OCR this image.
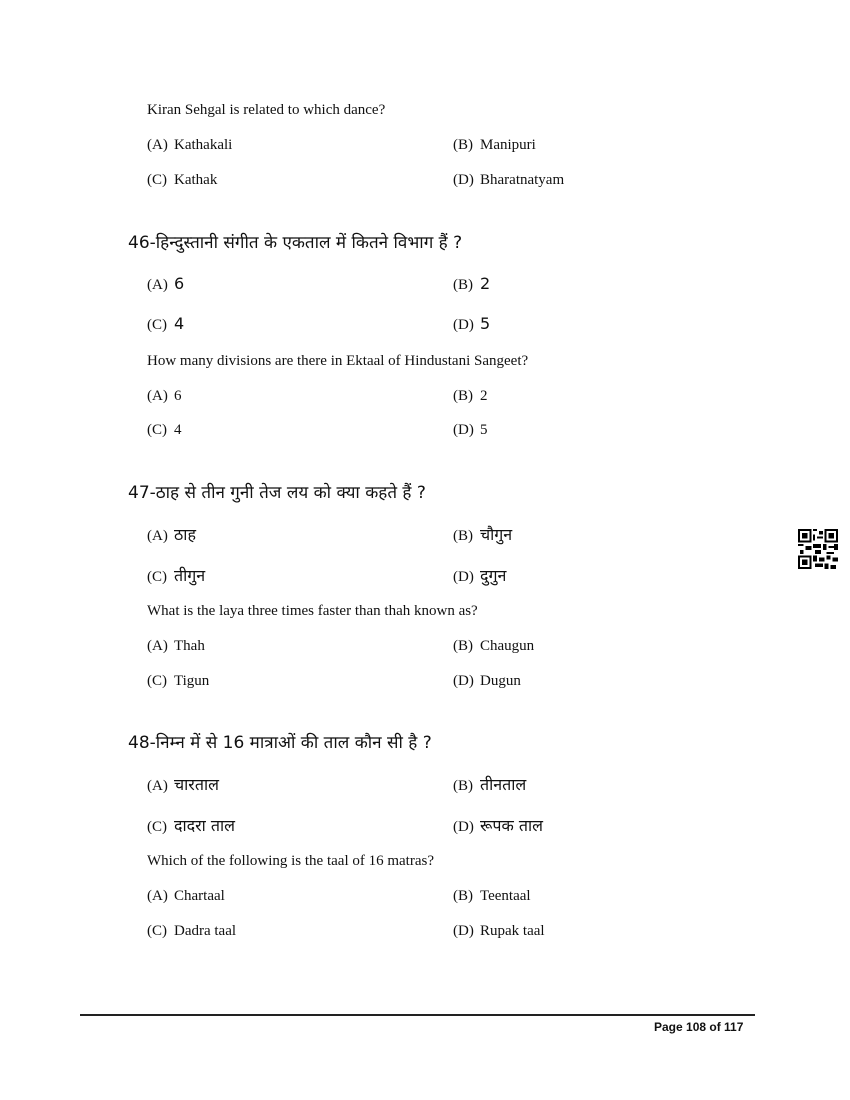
Kiran Sehgal is related to which dance?
(A) Kathakali	(B) Manipuri
(C) Kathak	(D) Bharatnatyam
46-हिन्दुस्तानी संगीत के एकताल में कितने विभाग हैं ?
(A) 6	(B) 2
(C) 4	(D) 5
How many divisions are there in Ektaal of Hindustani Sangeet?
(A) 6	(B) 2
(C) 4	(D) 5
47-ठाह से तीन गुनी तेज लय को क्या कहते हैं ?
(A) ठाह	(B) चौगुन
(C) तीगुन	(D) दुगुन
What is the laya three times faster than thah known as?
(A) Thah	(B) Chaugun
(C) Tigun	(D) Dugun
48-निम्न में से 16 मात्राओं की ताल कौन सी है ?
(A) चारताल	(B) तीनताल
(C) दादरा ताल	(D) रूपक ताल
Which of the following is the taal of 16 matras?
(A) Chartaal	(B) Teentaal
(C) Dadra taal	(D) Rupak taal
Page 108 of 117
